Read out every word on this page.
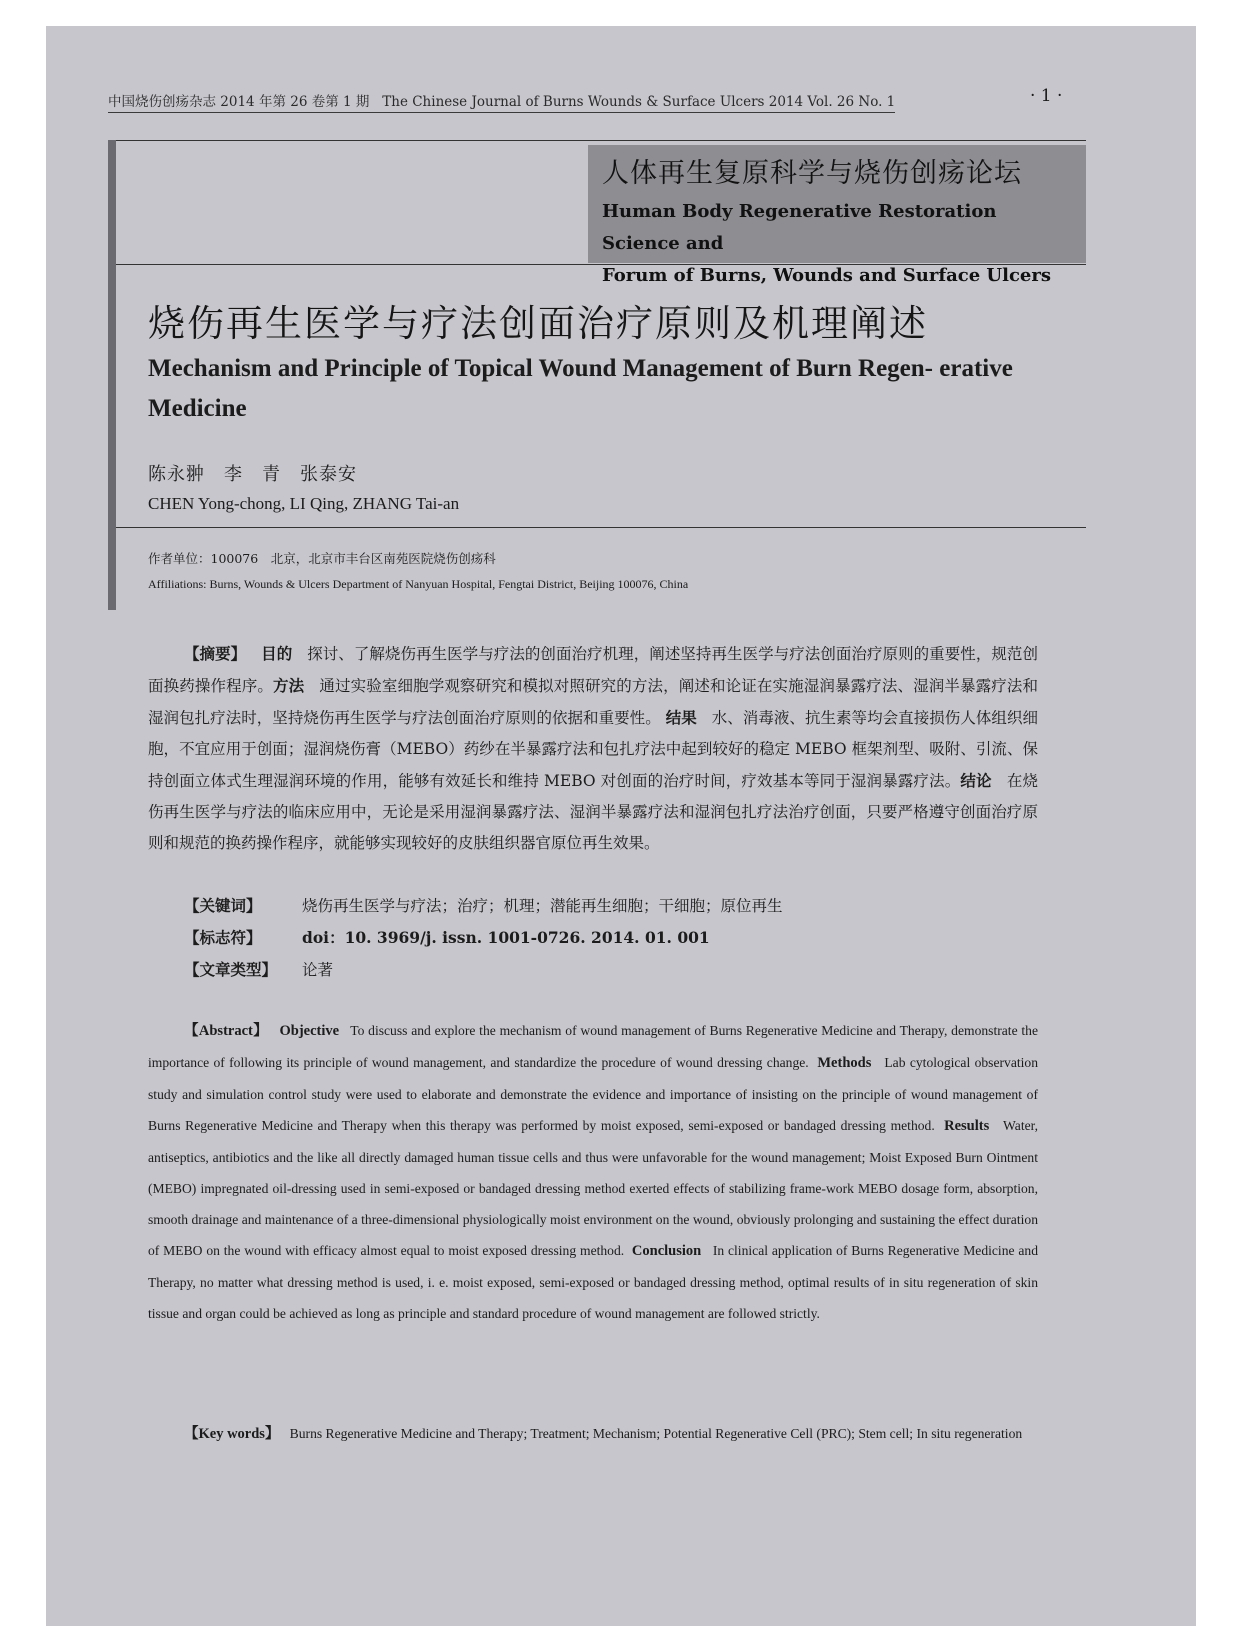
中国烧伤创疡杂志 2014 年第 26 卷第 1 期 The Chinese Journal of Burns Wounds & Surface Ulcers 2014 Vol. 26 No. 1	· 1 ·
人体再生复原科学与烧伤创疡论坛
Human Body Regenerative Restoration Science and
Forum of Burns, Wounds and Surface Ulcers
烧伤再生医学与疗法创面治疗原则及机理阐述
Mechanism and Principle of Topical Wound Management of Burn Regen- erative Medicine
陈永翀　李　青　张泰安
CHEN Yong-chong, LI Qing, ZHANG Tai-an
作者单位：100076　北京，北京市丰台区南苑医院烧伤创疡科
Affiliations: Burns, Wounds & Ulcers Department of Nanyuan Hospital, Fengtai District, Beijing 100076, China
【摘要】 目的 探讨、了解烧伤再生医学与疗法的创面治疗机理，阐述坚持再生医学与疗法创面治疗原则的重要性，规范创面换药操作程序。方法 通过实验室细胞学观察研究和模拟对照研究的方法，阐述和论证在实施湿润暴露疗法、湿润半暴露疗法和湿润包扎疗法时，坚持烧伤再生医学与疗法创面治疗原则的依据和重要性。 结果 水、消毒液、抗生素等均会直接损伤人体组织细胞，不宜应用于创面；湿润烧伤膏（MEBO）药纱在半暴露疗法和包扎疗法中起到较好的稳定 MEBO 框架剂型、吸附、引流、保持创面立体式生理湿润环境的作用，能够有效延长和维持 MEBO 对创面的治疗时间，疗效基本等同于湿润暴露疗法。结论 在烧伤再生医学与疗法的临床应用中，无论是采用湿润暴露疗法、湿润半暴露疗法和湿润包扎疗法治疗创面，只要严格遵守创面治疗原则和规范的换药操作程序，就能够实现较好的皮肤组织器官原位再生效果。
【关键词】	烧伤再生医学与疗法；治疗；机理；潜能再生细胞；干细胞；原位再生
【标志符】	doi：10. 3969/j. issn. 1001-0726. 2014. 01. 001
【文章类型】 论著
【Abstract】 Objective To discuss and explore the mechanism of wound management of Burns Regenerative Medicine and Therapy, demonstrate the importance of following its principle of wound management, and standardize the procedure of wound dressing change. Methods Lab cytological observation study and simulation control study were used to elaborate and demonstrate the evidence and importance of insisting on the principle of wound management of Burns Regenerative Medicine and Therapy when this therapy was performed by moist exposed, semi-exposed or bandaged dressing method. Results Water, antiseptics, antibiotics and the like all directly damaged human tissue cells and thus were unfavorable for the wound management; Moist Exposed Burn Ointment (MEBO) impregnated oil-dressing used in semi-exposed or bandaged dressing method exerted effects of stabilizing frame-work MEBO dosage form, absorption, smooth drainage and maintenance of a three-dimensional physiologically moist environment on the wound, obviously prolonging and sustaining the effect duration of MEBO on the wound with efficacy almost equal to moist exposed dressing method. Conclusion In clinical application of Burns Regenerative Medicine and Therapy, no matter what dressing method is used, i. e. moist exposed, semi-exposed or bandaged dressing method, optimal results of in situ regeneration of skin tissue and organ could be achieved as long as principle and standard procedure of wound management are followed strictly.
【Key words】 Burns Regenerative Medicine and Therapy; Treatment; Mechanism; Potential Regenerative Cell (PRC); Stem cell; In situ regeneration
